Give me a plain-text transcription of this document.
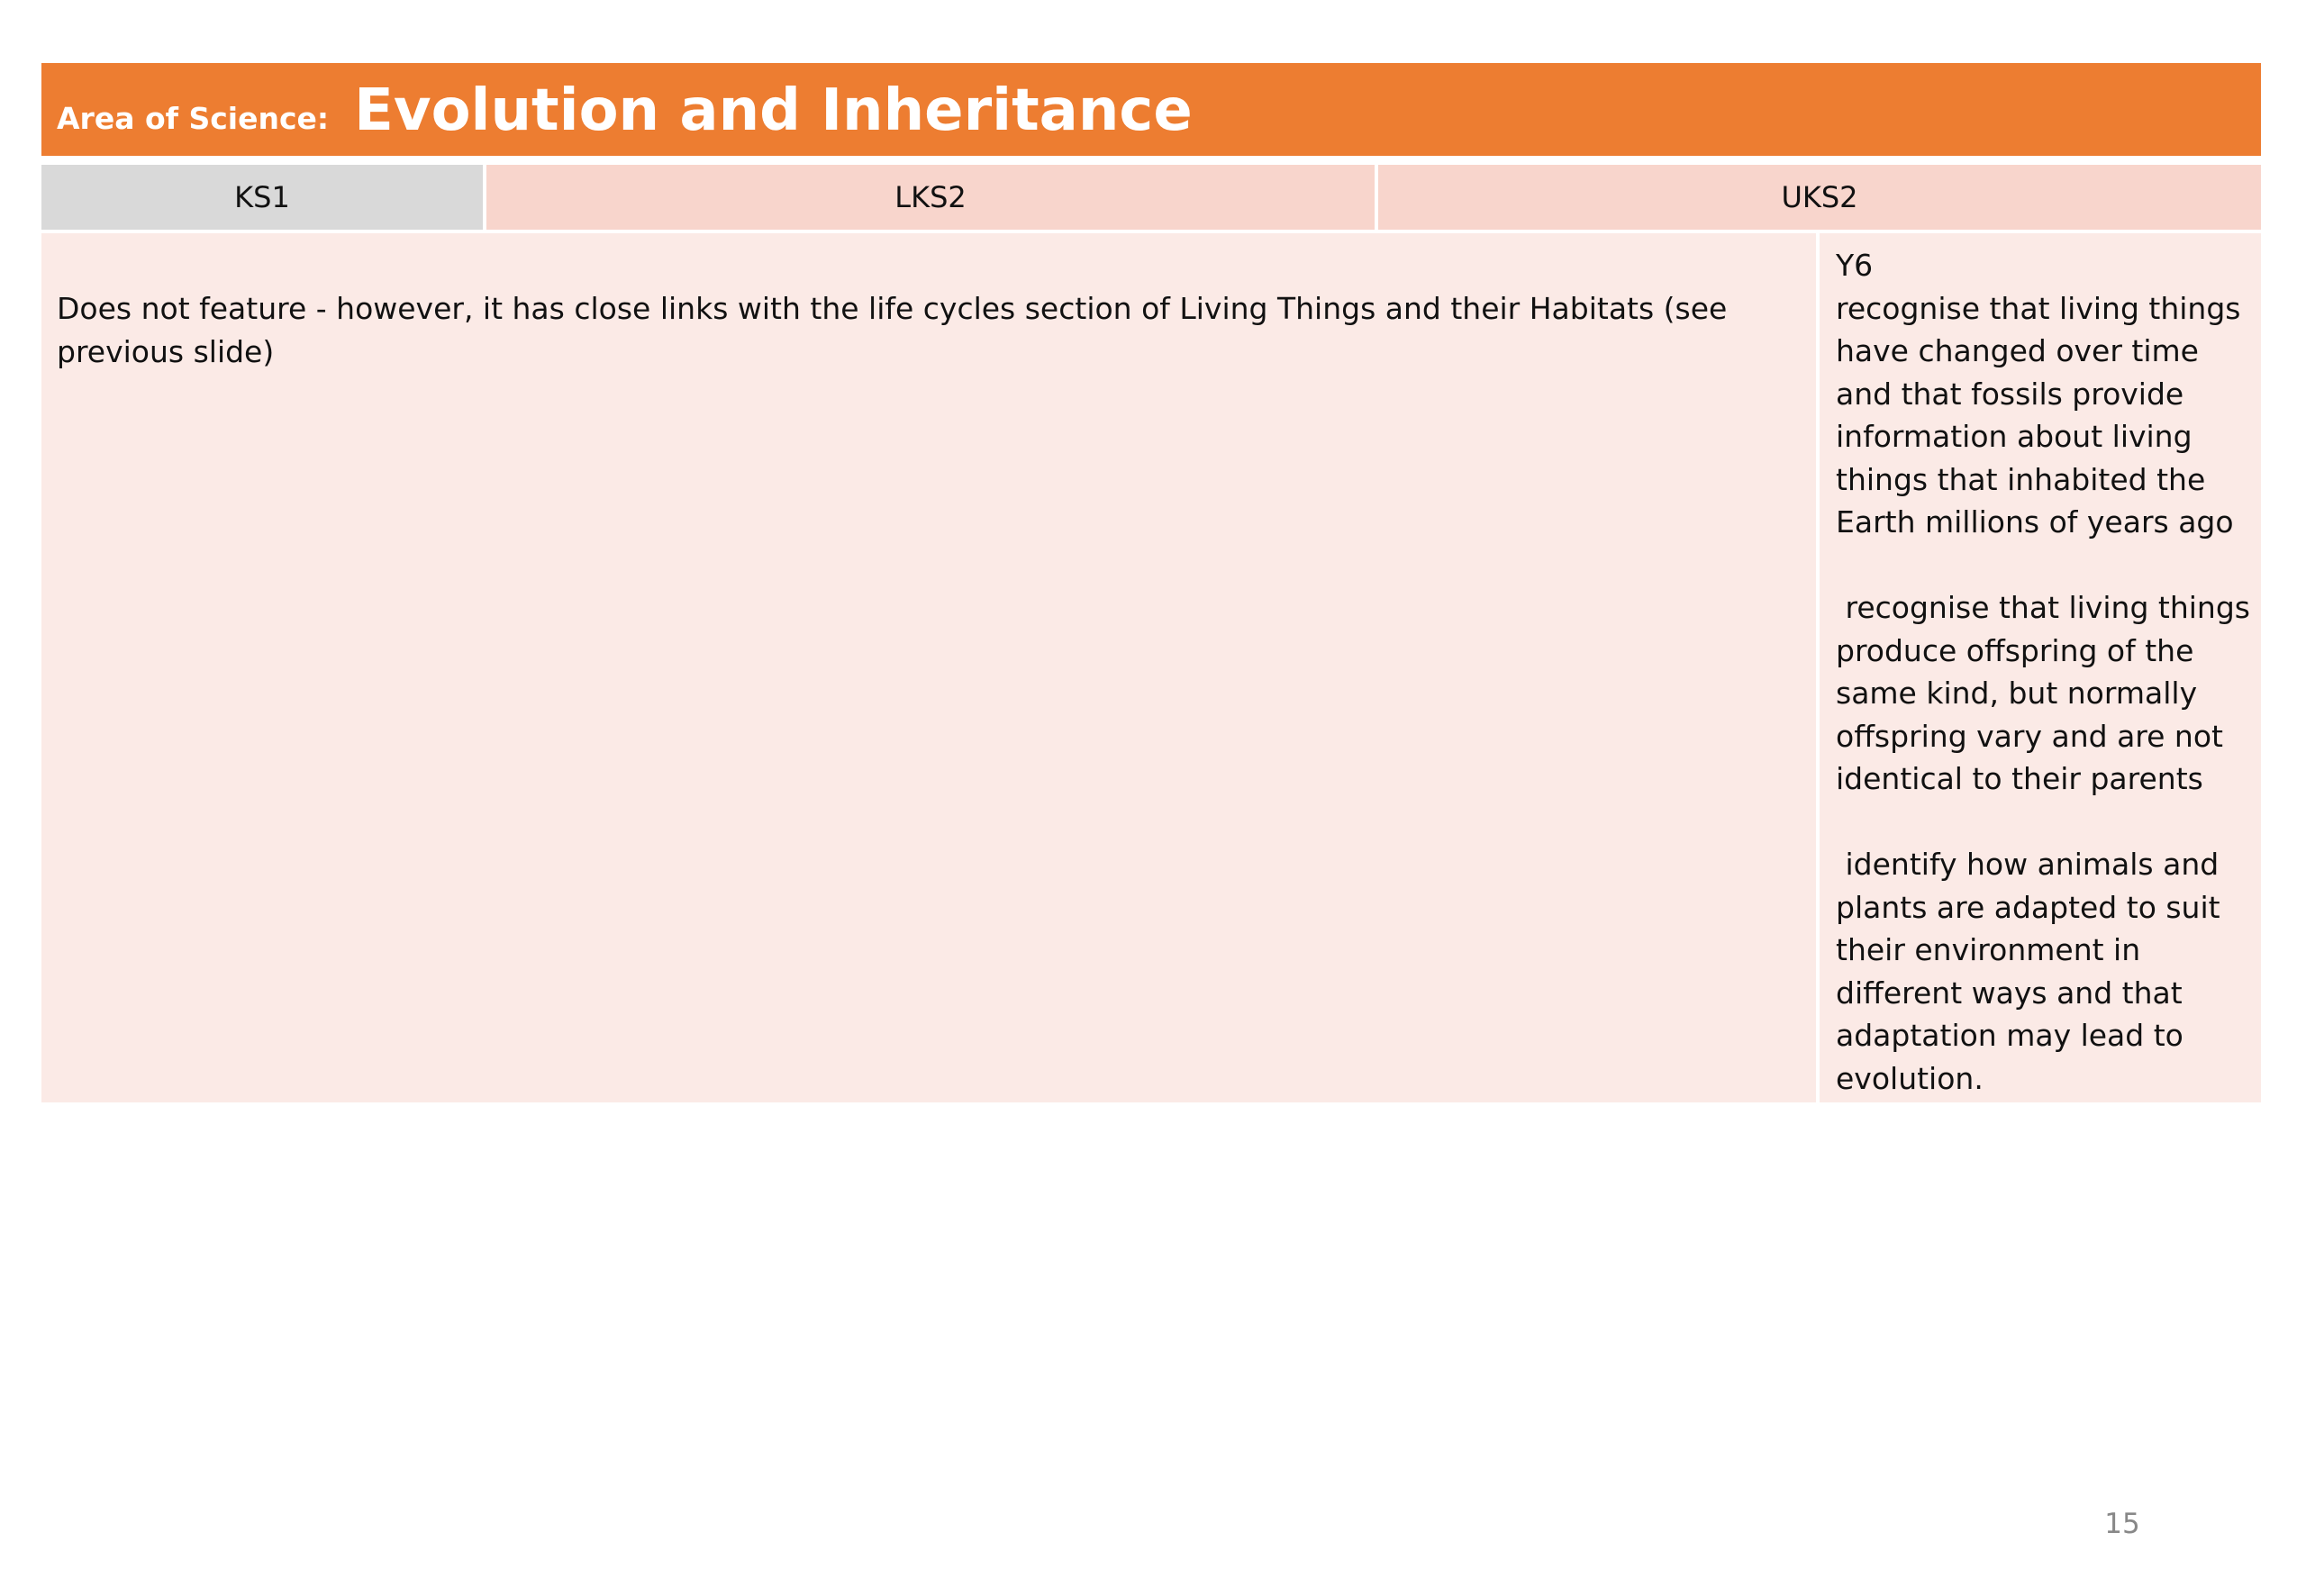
Area of Science: Evolution and Inheritance
KS1	LKS2	UKS2
Does not feature - however, it has close links with the life cycles section of Living Things and their Habitats (see previous slide)
Y6
recognise that living things have changed over time and that fossils provide information about living things that inhabited the Earth millions of years ago
recognise that living things produce offspring of the same kind, but normally offspring vary and are not identical to their parents
identify how animals and plants are adapted to suit their environment in different ways and that adaptation may lead to evolution.
15
